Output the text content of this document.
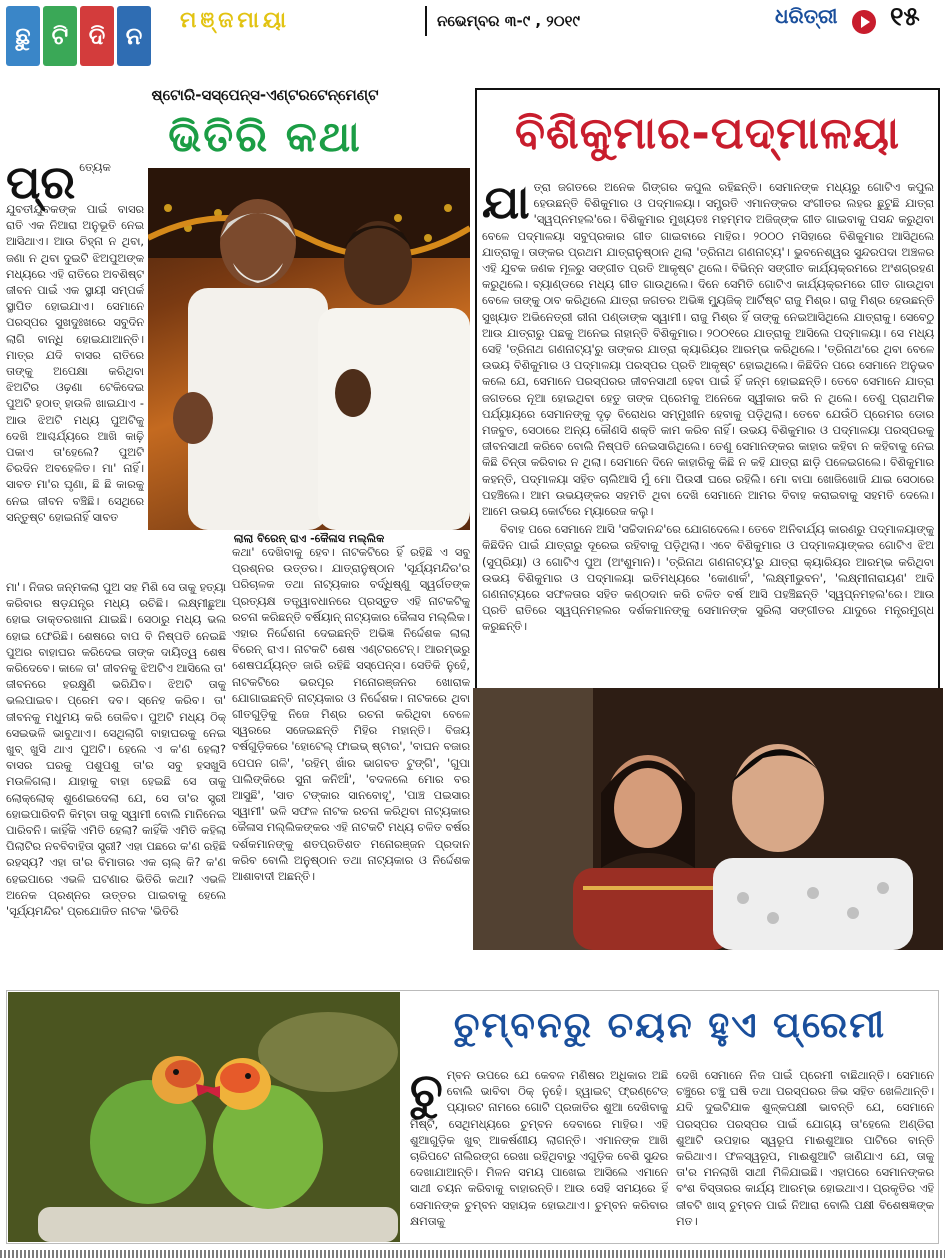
ଛୁ ଟି ଦି ନ
ମଞ୍ଜମାୟା	ନଭେମ୍ବର ୩-୯ , ୨୦୧୯	ଧରିତ୍ରୀ ୧୫
ଷ୍ଟୋରି-ସସ୍‌ପେନ୍‌ସ-ଏଣ୍ଟରଟେନ୍‌ମେଣ୍ଟ
ଭିତିରି କଥା
ପ୍ର ତ୍ୟେକ ଯୁବତୀଯୁବକଙ୍କ ପାଇଁ ବାସର ରାତି ଏକ ନିଆରା ଅନୁଭୂତି ନେଇ ଆସିଥାଏ। ଆଉ ଚିହ୍ନା ନ ଥିବା, ଜଣା ନ ଥିବା ଦୁଇଟି ଝିଅପୁଅଙ୍କ ମଧ୍ୟରେ ଏହି ରାତିରେ ଅବଶିଷ୍ଟ ଜୀବନ ପାଇଁ ଏକ ସ୍ଥାୟୀ ସମ୍ପର୍କ ସ୍ଥାପିତ ହୋଇଯାଏ। ସେମାନେ ପରସ୍ପର ସୁଖଦୁଃଖରେ ସବୁଦିନ ଲାଗି ବାନ୍ଧି ହୋଇଯାଆନ୍ତି। ମାତ୍ର ଯଦି ବାସର ରାତିରେ ତାଙ୍କୁ ଅପେକ୍ଷା କରିଥିବା ଝିଅଟିର ଓଢ଼ଣା ଟେକିଦେଇ ପୁଅଟି ହଠାତ୍‌ ହାଉଳି ଖାଇଯାଏ - ଆଉ ଝିଅଟି ମଧ୍ୟ ପୁଅଟିକୁ ଦେଖି ଆଶ୍ଚର୍ଯ୍ୟରେ ଆଖି କାଢ଼ି ପକାଏ ତା'ହେଲେ? ପୁଅଟି ଚିରଦିନ ଅବହେଳିତ। ମା' ନାହିଁ। ସାବତ ମା'ର ଘୃଣା, ଛି ଛି କାରକୁ ନେଇ ଜୀବନ ବଞ୍ଚିଛି। ସେଥିରେ ସନ୍ତୁଷ୍ଟ ହୋଇନାହିଁ ସାବତ
ଲାଲା ବିରେନ୍‌ ରାଏ -କୈଳାସ ମଲ୍ଲିକ
ମା'। ନିଜର ଜନ୍ମକଲା ପୁଅ ସହ ମିଶି ସେ ତାକୁ ହତ୍ୟା କରିବାର ଷଡ଼ଯନ୍ତ୍ର ମଧ୍ୟ ରଚିଛି। ଲକ୍ଷ୍ମୀଛୁଆ ହୋଇ ଡାକ୍ତରଖାନା ଯାଇଛି। ସେଠାରୁ ମଧ୍ୟ ଭଲ ହୋଇ ଫେରିଛି। ଶେଷରେ ବାପ ବି ନିଷ୍ପତି ନେଇଛି ପୁଅର ବାହାଘର କରିଦେଇ ତାଙ୍କ ଦାୟିତ୍ୱ ଶେଷ କରିଦେବେ। କାଳେ ତା' ଜୀବନକୁ ଝିଅଟିଏ ଆସିଲେ ତା' ଜୀବନରେ ହରକ୍ଷୁଣି ଭରିଯିବ। ଝିଅଟି ତାକୁ ଭଲପାଇବ। ପ୍ରେମ ଦବ। ସ୍ନେହ କରିବ। ତା' ଜୀବନକୁ ମଧୁମୟ କରି ତୋଳିବ। ପୁଅଟି ମଧ୍ୟ ଠିକ୍‌ ସେଇଭଳି ଭାବୁଥାଏ। ସେଥିଲାଗି ବାହାଘରକୁ ନେଇ ଖୁବ୍‌ ଖୁସି ଥାଏ ପୁଅଟି। ହେଲେ ଏ କ'ଣ ହେଲା? ବାସର ଘରକୁ ପଶୁପଶୁ ତା'ର ସବୁ ହସଖୁସି ମଉଳିଗଲା। ଯାହାକୁ ବାହା ହେଇଛି ସେ ତାକୁ ଲୋକ୍‌ଲୋକ୍‌ ଶୁଣେଇଦେଲା ଯେ, ସେ ତା'ର ସ୍ତ୍ରୀ ହୋଇପାରିବନି କିମ୍ବା ତାକୁ ସ୍ୱାମୀ ବୋଲି ମାନିନେଇ ପାରିବନି। କାହିଁକି ଏମିତି ହେଲା? କାହିଁକି ଏମିତି କହିଲା ପିଲାଟିର ନବବିବାହିତା ସ୍ତ୍ରୀ? ଏହା ପଛରେ କ'ଣ ରହିଛି ରହସ୍ୟ? ଏହା ତା'ର ବିମାତାର ଏକ ଚାଲ୍‌ କି? କ'ଣ ହେଇପାରେ ଏଭଳି ଘଟଣାର ଭିତିରି କଥା? ଏଭଳି ଅନେକ ପ୍ରଶ୍ନର ଉତ୍ତର ପାଇବାକୁ ହେଲେ 'ସୂର୍ଯ୍ୟମନ୍ଦିର' ପ୍ରଯୋଜିତ ନାଟକ 'ଭିତିରି
କଥା' ଦେଖିବାକୁ ହେବ। ନାଟକଟିରେ ହିଁ ରହିଛି ଏ ସବୁ ପ୍ରଶ୍ନର ଉତ୍ତର। ଯାତ୍ରାନୁଷ୍ଠାନ 'ସୂର୍ଯ୍ୟମନ୍ଦିର'ର ପରିଚାଳକ ତଥା ନାଟ୍ୟକାର ବର୍ଦ୍ଧିଷ୍ଣୁ ସ୍ୱର୍ଗତଙ୍କ ପ୍ରତ୍ୟକ୍ଷ ତତ୍ତ୍ୱାବଧାନରେ ପ୍ରସ୍ତୁତ ଏହି ନାଟକଟିକୁ ରଚନା କରିଛନ୍ତି ବର୍ଷିୟାନ୍‌ ନାଟ୍ୟକାର କୈଳାସ ମଲ୍ଲିକ। ଏହାର ନିର୍ଦ୍ଦେଶନା ଦେଇଛନ୍ତି ଅଭିଜ୍ଞ ନିର୍ଦ୍ଦେଶକ ଲାଲା ବିରେନ୍‌ ରାଏ। ନାଟକଟି ଶେଷ ଏଣ୍ଟରଟେନ୍‌। ଆରମ୍ଭରୁ ଶେଷପର୍ଯ୍ୟନ୍ତ ଜାରି ରହିଛି ସସ୍‌ପେନ୍ସ। ସେତିକି ନୁହେଁ, ନାଟକଟିରେ ଭରପୂର ମନୋରଞ୍ଜନର ଖୋରାକ ଯୋଗାଇଛନ୍ତି ନାଟ୍ୟକାର ଓ ନିର୍ଦ୍ଦେଶକ। ନାଟକରେ ଥିବା ଗୀତଗୁଡ଼ିକୁ ନିଜେ ମିଶ୍ର ରଚନା କରିଥିବା ବେଳେ ସ୍ୱରରେ ସଜେଇଛନ୍ତି ମିହିର ମହାନ୍ତି। ବିଜୟ ବର୍ଷଗୁଡ଼ିକରେ 'ହୋଟେଲ୍‌ ଫାଇଭ୍‌ ଷ୍ଟାର', 'ବାଘନ ବଜାର ପେପନ ଗଳି', 'ରହିମ୍‌ ଖାଁର ଭାଗବତ ଟୁଙ୍ଗି', 'ଗୁପା ପାଲିଙ୍କିରେ ସୁନା କନିଆଁ', 'ବଦଳଲେ ମୋର ବର ଆସୁଛି', 'ସାତ ଟଙ୍କାର ସାନବୋହୂ', 'ପାଞ୍ଚ ପଇସାର ସ୍ୱାମୀ' ଭଳି ସଫଳ ନାଟକ ରଚନା କରିଥିବା ନାଟ୍ୟକାର କୈଳାସ ମଲ୍ଲିକଙ୍କର ଏହି ନାଟକଟି ମଧ୍ୟ ଚଳିତ ବର୍ଷର ଦର୍ଶକମାନଙ୍କୁ ଶତପ୍ରତିଶତ ମନୋରଞ୍ଜନ ପ୍ରଦାନ କରିବ ବୋଲି ଅନୁଷ୍ଠାନ ତଥା ନାଟ୍ୟକାର ଓ ନିର୍ଦ୍ଦେଶକ ଆଶାବାଦୀ ଅଛନ୍ତି।
ବିଶିକୁମାର-ପଦ୍ମାଳୟା
ଯା ତ୍ରା ଜଗତରେ ଅନେକ ଗିଙ୍ଗର କପୁଲ ରହିଛନ୍ତି। ସେମାନଙ୍କ ମଧ୍ୟରୁ ଗୋଟିଏ କପୁଲ ହେଉଛନ୍ତି ବିଶିକୁମାର ଓ ପଦ୍ମାଳୟା। ସମ୍ପ୍ରତି ଏମାନଙ୍କର ସଂଗୀତର ଲହର ଛୁଟୁଛି ଯାତ୍ରା 'ସ୍ୱପ୍ନମହଲ'ରେ। ବିଶିକୁମାର ମୁଖ୍ୟତଃ ମହମ୍ମଦ ଅଜିଜ୍‌ଙ୍କ ଗୀତ ଗାଇବାକୁ ପସନ୍ଦ କରୁଥିବା ବେଳେ ପଦ୍ମାଳୟା ସବୁପ୍ରକାର ଗୀତ ଗାଇବାରେ ମାହିର। ୨୦୦୦ ମସିହାରେ ବିଶିକୁମାର ଆସିଥିଲେ ଯାତ୍ରାକୁ। ତାଙ୍କର ପ୍ରଥମ ଯାତ୍ରାନୁଷ୍ଠାନ ଥିଲା 'ତ୍ରିନାଥ ଗଣନାଟ୍ୟ'। ଭୁବନେଶ୍ୱର ସୁନ୍ଦରପଦା ଅଞ୍ଚଳର ଏହି ଯୁବକ ଜଣକ ମୂଳରୁ ସଙ୍ଗୀତ ପ୍ରତି ଆକୃଷ୍ଟ ଥିଲେ। ବିଭିନ୍ନ ସଙ୍ଗୀତ କାର୍ଯ୍ୟକ୍ରମରେ ଅଂଶଗ୍ରହଣ କରୁଥିଲେ। ବ୍ୟାଣ୍ଡରେ ମଧ୍ୟ ଗୀତ ଗାଉଥିଲେ। ଦିନେ ସେମିତି ଗୋଟିଏ କାର୍ଯ୍ୟକ୍ରମରେ ଗୀତ ଗାଉଥିବା ବେଳେ ତାଙ୍କୁ ଠାବ କରିଥିଲେ ଯାତ୍ରା ଜଗତର ଅଭିଜ୍ଞ ମ୍ୟୁଜିକ୍‌ ଆର୍ଟିଷ୍ଟ ରାଜୁ ମିଶ୍ର। ରାଜୁ ମିଶ୍ର ହେଉଛନ୍ତି ସୁଖ୍ୟାତ ଅଭିନେତ୍ରୀ ରୀନା ପଣ୍ଡାଙ୍କ ସ୍ୱାମୀ। ରାଜୁ ମିଶ୍ର ହିଁ ତାଙ୍କୁ ନେଇଆସିଥିଲେ ଯାତ୍ରାକୁ। ସେବେଠୁ ଆଉ ଯାତ୍ରାରୁ ପଛକୁ ଅନେଇ ନାହାନ୍ତି ବିଶିକୁମାର। ୨୦୦୧ରେ ଯାତ୍ରାକୁ ଆସିଲେ ପଦ୍ମାଳୟା। ସେ ମଧ୍ୟ ସେହି 'ତ୍ରିନାଥ ଗଣନାଟ୍ୟ'ରୁ ତାଙ୍କର ଯାତ୍ରା କ୍ୟାରିୟର ଆରମ୍ଭ କରିଥିଲେ। 'ତ୍ରିନାଥ'ରେ ଥିବା ବେଳେ ଉଭୟ ବିଶିକୁମାର ଓ ପଦ୍ମାଳୟା ପରସ୍ପର ପ୍ରତି ଆକୃଷ୍ଟ ହୋଇଥିଲେ। କିଛିଦିନ ପରେ ସେମାନେ ଅନୁଭବ କଲେ ଯେ, ସେମାନେ ପରସ୍ପରର ଜୀବନସାଥୀ ହେବା ପାଇଁ ହିଁ ଜନ୍ମ ହୋଇଛନ୍ତି। ତେବେ ସେମାନେ ଯାତ୍ରା ଜଗତରେ ନୂଆ ହୋଇଥିବା ହେତୁ ତାଙ୍କ ପ୍ରେମକୁ ଅନେକେ ସ୍ୱୀକାର କରି ନ ଥିଲେ। ତେଣୁ ପ୍ରାଥମିକ ପର୍ଯ୍ୟାୟରେ ସେମାନଙ୍କୁ ଦୃଢ଼ ବିରୋଧର ସମ୍ମୁଖୀନ ହେବାକୁ ପଡ଼ିଥିଲା। ତେବେ ଯେଉଁଠି ପ୍ରେମର ଡୋର ମଜବୁତ, ସେଠାରେ ଅନ୍ୟ କୌଣସି ଶକ୍ତି କାମ କରିବ ନାହିଁ। ଉଭୟ ବିଶିକୁମାର ଓ ପଦ୍ମାଳୟା ପରସ୍ପରକୁ ଜୀବନସାଥୀ କରିବେ ବୋଲି ନିଷ୍ପତି ନେଇସାରିଥିଲେ। ତେଣୁ ସେମାନଙ୍କର କାହାର କହିବା ନ କହିବାକୁ ନେଇ କିଛି ଚିନ୍ତା କରିବାର ନ ଥିଲା। ସେମାନେ ଦିନେ କାହାରିକୁ କିଛି ନ କହି ଯାତ୍ରା ଛାଡ଼ି ପଳେଇଗଲେ। ବିଶିକୁମାର କହନ୍ତି, ପଦ୍ମାଳୟା ସହିତ ଚାଲିଆସି ମୁଁ ମୋ ପିଉସୀ ଘରେ ରହିଲି। ମୋ ବାପା ଖୋଜିଖୋଜି ଯାଇ ସେଠାରେ ପହଞ୍ଚିଲେ। ଆମ ଉଭୟଙ୍କର ସହମତି ଥିବା ଦେଖି ସେମାନେ ଆମର ବିବାହ କରାଇବାକୁ ସହମତି ଦେଲେ। ଆମେ ଉଭୟ କୋର୍ଟରେ ମ୍ୟାରେଜ କଲୁ।
ବିବାହ ପରେ ସେମାନେ ଆସି 'ସଚ୍ଚିଦାନନ୍ଦ'ରେ ଯୋଗଦେଲେ। ତେବେ ଅନିବାର୍ଯ୍ୟ କାରଣରୁ ପଦ୍ମାଳୟାଙ୍କୁ କିଛିଦିନ ପାଇଁ ଯାତ୍ରାରୁ ଦୂରେଇ ରହିବାକୁ ପଡ଼ିଥିଲା। ଏବେ ବିଶିକୁମାର ଓ ପଦ୍ମାଳୟାଙ୍କର ଗୋଟିଏ ଝିଅ (ସୁପ୍ରିୟା) ଓ ଗୋଟିଏ ପୁଅ (ଅଂଶୁମାନ)। 'ତ୍ରିନାଥ ଗଣନାଟ୍ୟ'ରୁ ଯାତ୍ରା କ୍ୟାରିୟର ଆରମ୍ଭ କରିଥିବା ଉଭୟ ବିଶିକୁମାର ଓ ପଦ୍ମାଳୟା ଇତିମଧ୍ୟରେ 'କୋଣାର୍କ', 'ଲକ୍ଷ୍ମୀଭୁବନ', 'ଲକ୍ଷ୍ମୀନାରାୟଣ' ଆଦି ଗଣନାଟ୍ୟରେ ସଫଳତାର ସହିତ କଣ୍ଠଦାନ କରି ଚଳିତ ବର୍ଷ ଆସି ପହଞ୍ଚିଛନ୍ତି 'ସ୍ୱପ୍ନମହଲ'ରେ। ଆଉ ପ୍ରତି ରାତିରେ ସ୍ୱପ୍ନମହଲର ଦର୍ଶକମାନଙ୍କୁ ସେମାନଙ୍କ ସୁରିଲା ସଙ୍ଗୀତର ଯାଦୁରେ ମନ୍ତ୍ରମୁଗ୍ଧ କରୁଛନ୍ତି।
ଚୁମ୍ବନରୁ ଚୟନ ହୁଏ ପ୍ରେମୀ
ଚୁ ମ୍ବନ ଉପରେ ଯେ କେବଳ ମଣିଷର ଅଧିକାର ଅଛି ବୋଲି ଭାବିବା ଠିକ୍‌ ନୁହେଁ। ହ୍ୱାଇଟ୍‌ ଫ୍ରଣ୍ଟେଡ୍‌ ପ୍ୟାରଟ ନାମରେ ଗୋଟି ପ୍ରଜାତିର ଶୁଆ ଦେଖିବାକୁ ମିଷ୍ଟି, ସେଥିମଧ୍ୟରେ ଚୁମ୍ବନ ଦେବାରେ ମାହିର। ଏହି ଶୁଆଗୁଡ଼ିକ ଖୁବ୍‌ ଆକର୍ଷଣୀୟ ଲାଗନ୍ତି। ଏମାନଙ୍କ ଆଖି ଚାରିପଟେ ନାଲିରଙ୍ଗ ରେଖା ରହିଥିବାରୁ ଏଗୁଡ଼ିକ ବେଶି ସୁନ୍ଦର ଦେଖାଯାଆନ୍ତି। ମିଳନ ସମୟ ପାଖେଇ ଆସିଲେ ଏମାନେ ସାଥୀ ଚୟନ କରିବାକୁ ବାହାରନ୍ତି। ଆଉ ସେହି ସମୟରେ ହିଁ ସେମାନଙ୍କ ଚୁମ୍ବନ ସହାୟକ ହୋଇଥାଏ। ଚୁମ୍ବନ କରିବାର କ୍ଷମତାକୁ
ଦେଖି ସେମାନେ ନିଜ ପାଇଁ ପ୍ରେମୀ ବାଛିଥାନ୍ତି। ସେମାନେ ଚଞ୍ଚୁରେ ଚଞ୍ଚୁ ଘଷି ତଥା ପରସ୍ପରର ଜିଭ ସହିତ ଖେଳିଥାନ୍ତି। ଯଦି ଦୁଇଟିଯାକ ଶୁଳ୍କପକ୍ଷୀ ଭାବନ୍ତି ଯେ, ସେମାନେ ପରସ୍ପର ପରସ୍ପର ପାଇଁ ଯୋଗ୍ୟ ତା'ହେଲେ ଅଣ୍ଡିରା ଶୁଆଟି ଉପହାର ସ୍ୱରୂପ ମାଈଶୁଆର ପାଟିରେ ବାନ୍ତି କରିଥାଏ। ଫଳସ୍ୱରୂପ, ମାଈଶୁଆଟି ଜାଣିଯାଏ ଯେ, ତାକୁ ତା'ର ମନଲାଖି ସାଥୀ ମିଳିଯାଇଛି। ଏହାପରେ ସେମାନଙ୍କର ବଂଶ ବିସ୍ତାରର କାର୍ଯ୍ୟ ଆରମ୍ଭ ହୋଇଥାଏ। ପ୍ରକୃତିର ଏହି ଜୀବଟି ଖାସ୍‌ ଚୁମ୍ବନ ପାଇଁ ନିଆରା ବୋଲି ପକ୍ଷୀ ବିଶେଷଜ୍ଞଙ୍କ ମତ।
